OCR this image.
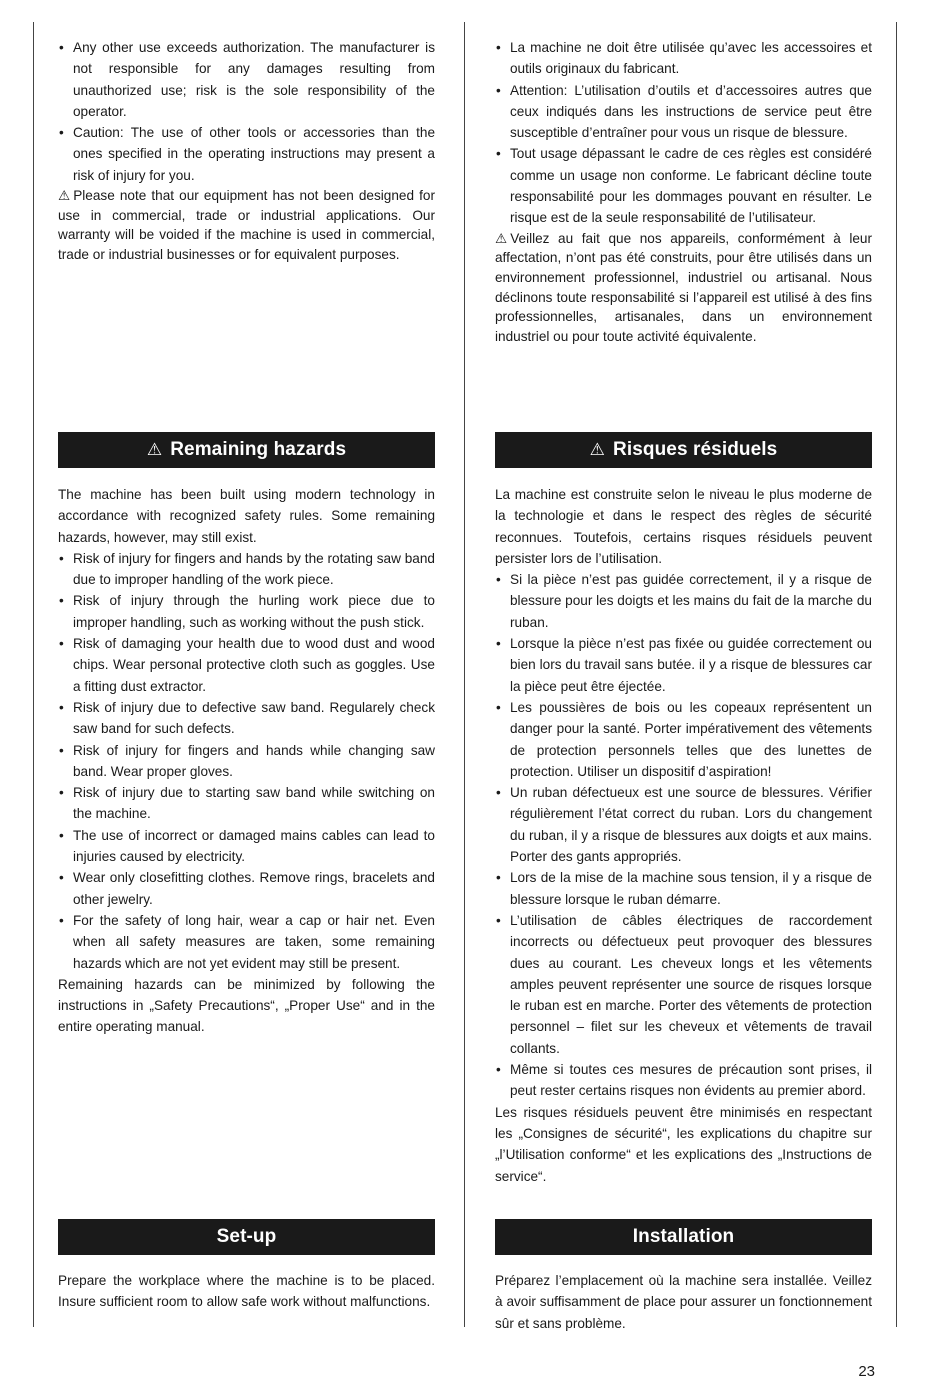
• Any other use exceeds authorization. The manufacturer is not responsible for any damages resulting from unauthorized use; risk is the sole responsibility of the operator.
• Caution: The use of other tools or accessories than the ones specified in the operating instructions may present a risk of injury for you.

⚠ Please note that our equipment has not been designed for use in commercial, trade or industrial applications. Our warranty will be voided if the machine is used in commercial, trade or industrial businesses or for equivalent purposes.

⚠ Remaining hazards

The machine has been built using modern technology in accordance with recognized safety rules. Some remaining hazards, however, may still exist.

• Risk of injury for fingers and hands by the rotating saw band due to improper handling of the work piece.
• Risk of injury through the hurling work piece due to improper handling, such as working without the push stick.
• Risk of damaging your health due to wood dust and wood chips. Wear personal protective cloth such as goggles. Use a fitting dust extractor.
• Risk of injury due to defective saw band. Regularely check saw band for such defects.
• Risk of injury for fingers and hands while changing saw band. Wear proper gloves.
• Risk of injury due to starting saw band while switching on the machine.
• The use of incorrect or damaged mains cables can lead to injuries caused by electricity.
• Wear only closefitting clothes. Remove rings, bracelets and other jewelry.
• For the safety of long hair, wear a cap or hair net. Even when all safety measures are taken, some remaining hazards which are not yet evident may still be present.

Remaining hazards can be minimized by following the instructions in „Safety Precautions“, „Proper Use“ and in the entire operating manual.

Set-up

Prepare the workplace where the machine is to be placed. Insure sufficient room to allow safe work without malfunctions.

• La machine ne doit être utilisée qu’avec les accessoires et outils originaux du fabricant.
• Attention: L’utilisation d’outils et d’accessoires autres que ceux indiqués dans les instructions de service peut être susceptible d’entraîner pour vous un risque de blessure.
• Tout usage dépassant le cadre de ces règles est considéré comme un usage non conforme. Le fabricant décline toute responsabilité pour les dommages pouvant en résulter. Le risque est de la seule responsabilité de l’utilisateur.

⚠ Veillez au fait que nos appareils, conformément à leur affectation, n’ont pas été construits, pour être utilisés dans un environnement professionnel, industriel ou artisanal. Nous déclinons toute responsabilité si l’appareil est utilisé à des fins professionnelles, artisanales, dans un environnement industriel ou pour toute activité équivalente.

⚠ Risques résiduels

La machine est construite selon le niveau le plus moderne de la technologie et dans le respect des règles de sécurité reconnues. Toutefois, certains risques résiduels peuvent persister lors de l’utilisation.

• Si la pièce n’est pas guidée correctement, il y a risque de blessure pour les doigts et les mains du fait de la marche du ruban.
• Lorsque la pièce n’est pas fixée ou guidée correctement ou bien lors du travail sans butée. il y a risque de blessures car la pièce peut être éjectée.
• Les poussières de bois ou les copeaux représentent un danger pour la santé. Porter impérativement des vêtements de protection personnels telles que des lunettes de protection. Utiliser un dispositif d’aspiration!
• Un ruban défectueux est une source de blessures. Vérifier régulièrement l’état correct du ruban. Lors du changement du ruban, il y a risque de blessures aux doigts et aux mains. Porter des gants appropriés.
• Lors de la mise de la machine sous tension, il y a risque de blessure lorsque le ruban démarre.
• L’utilisation de câbles électriques de raccordement incorrects ou défectueux peut provoquer des blessures dues au courant. Les cheveux longs et les vêtements amples peuvent représenter une source de risques lorsque le ruban est en marche. Porter des vêtements de protection personnel – filet sur les cheveux et vêtements de travail collants.
• Même si toutes ces mesures de précaution sont prises, il peut rester certains risques non évidents au premier abord.

Les risques résiduels peuvent être minimisés en respectant les „Consignes de sécurité“, les explications du chapitre sur „l’Utilisation conforme“ et les explications des „Instructions de service“.

Installation

Préparez l’emplacement où la machine sera installée. Veillez à avoir suffisamment de place pour assurer un fonctionnement sûr et sans problème.

23
